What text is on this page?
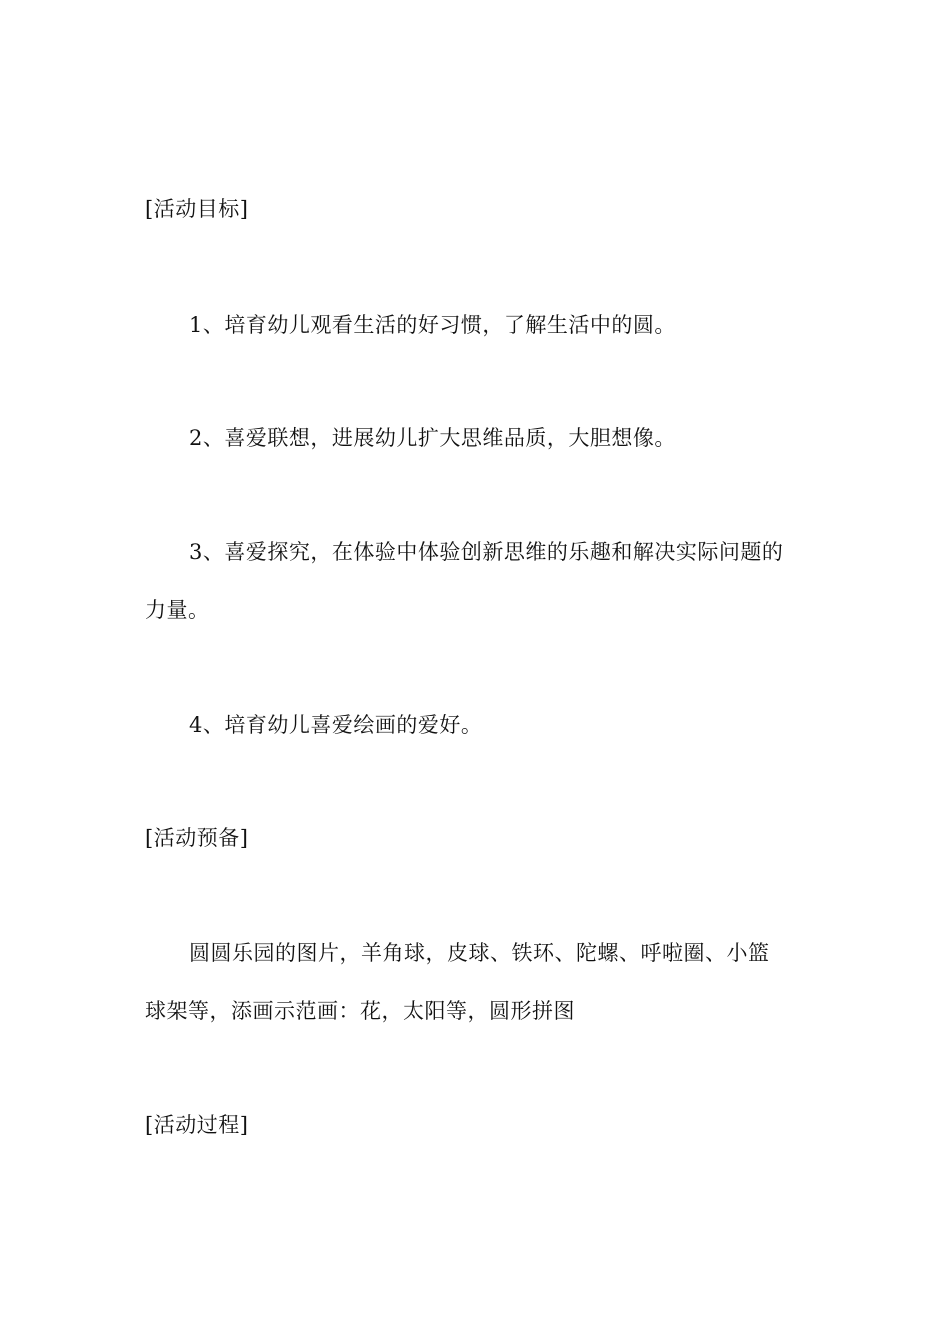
[活动目标]
1、培育幼儿观看生活的好习惯，了解生活中的圆。
2、喜爱联想，进展幼儿扩大思维品质，大胆想像。
3、喜爱探究，在体验中体验创新思维的乐趣和解决实际问题的
力量。
4、培育幼儿喜爱绘画的爱好。
[活动预备]
圆圆乐园的图片，羊角球，皮球、铁环、陀螺、呼啦圈、小篮
球架等，添画示范画：花，太阳等，圆形拼图
[活动过程]
